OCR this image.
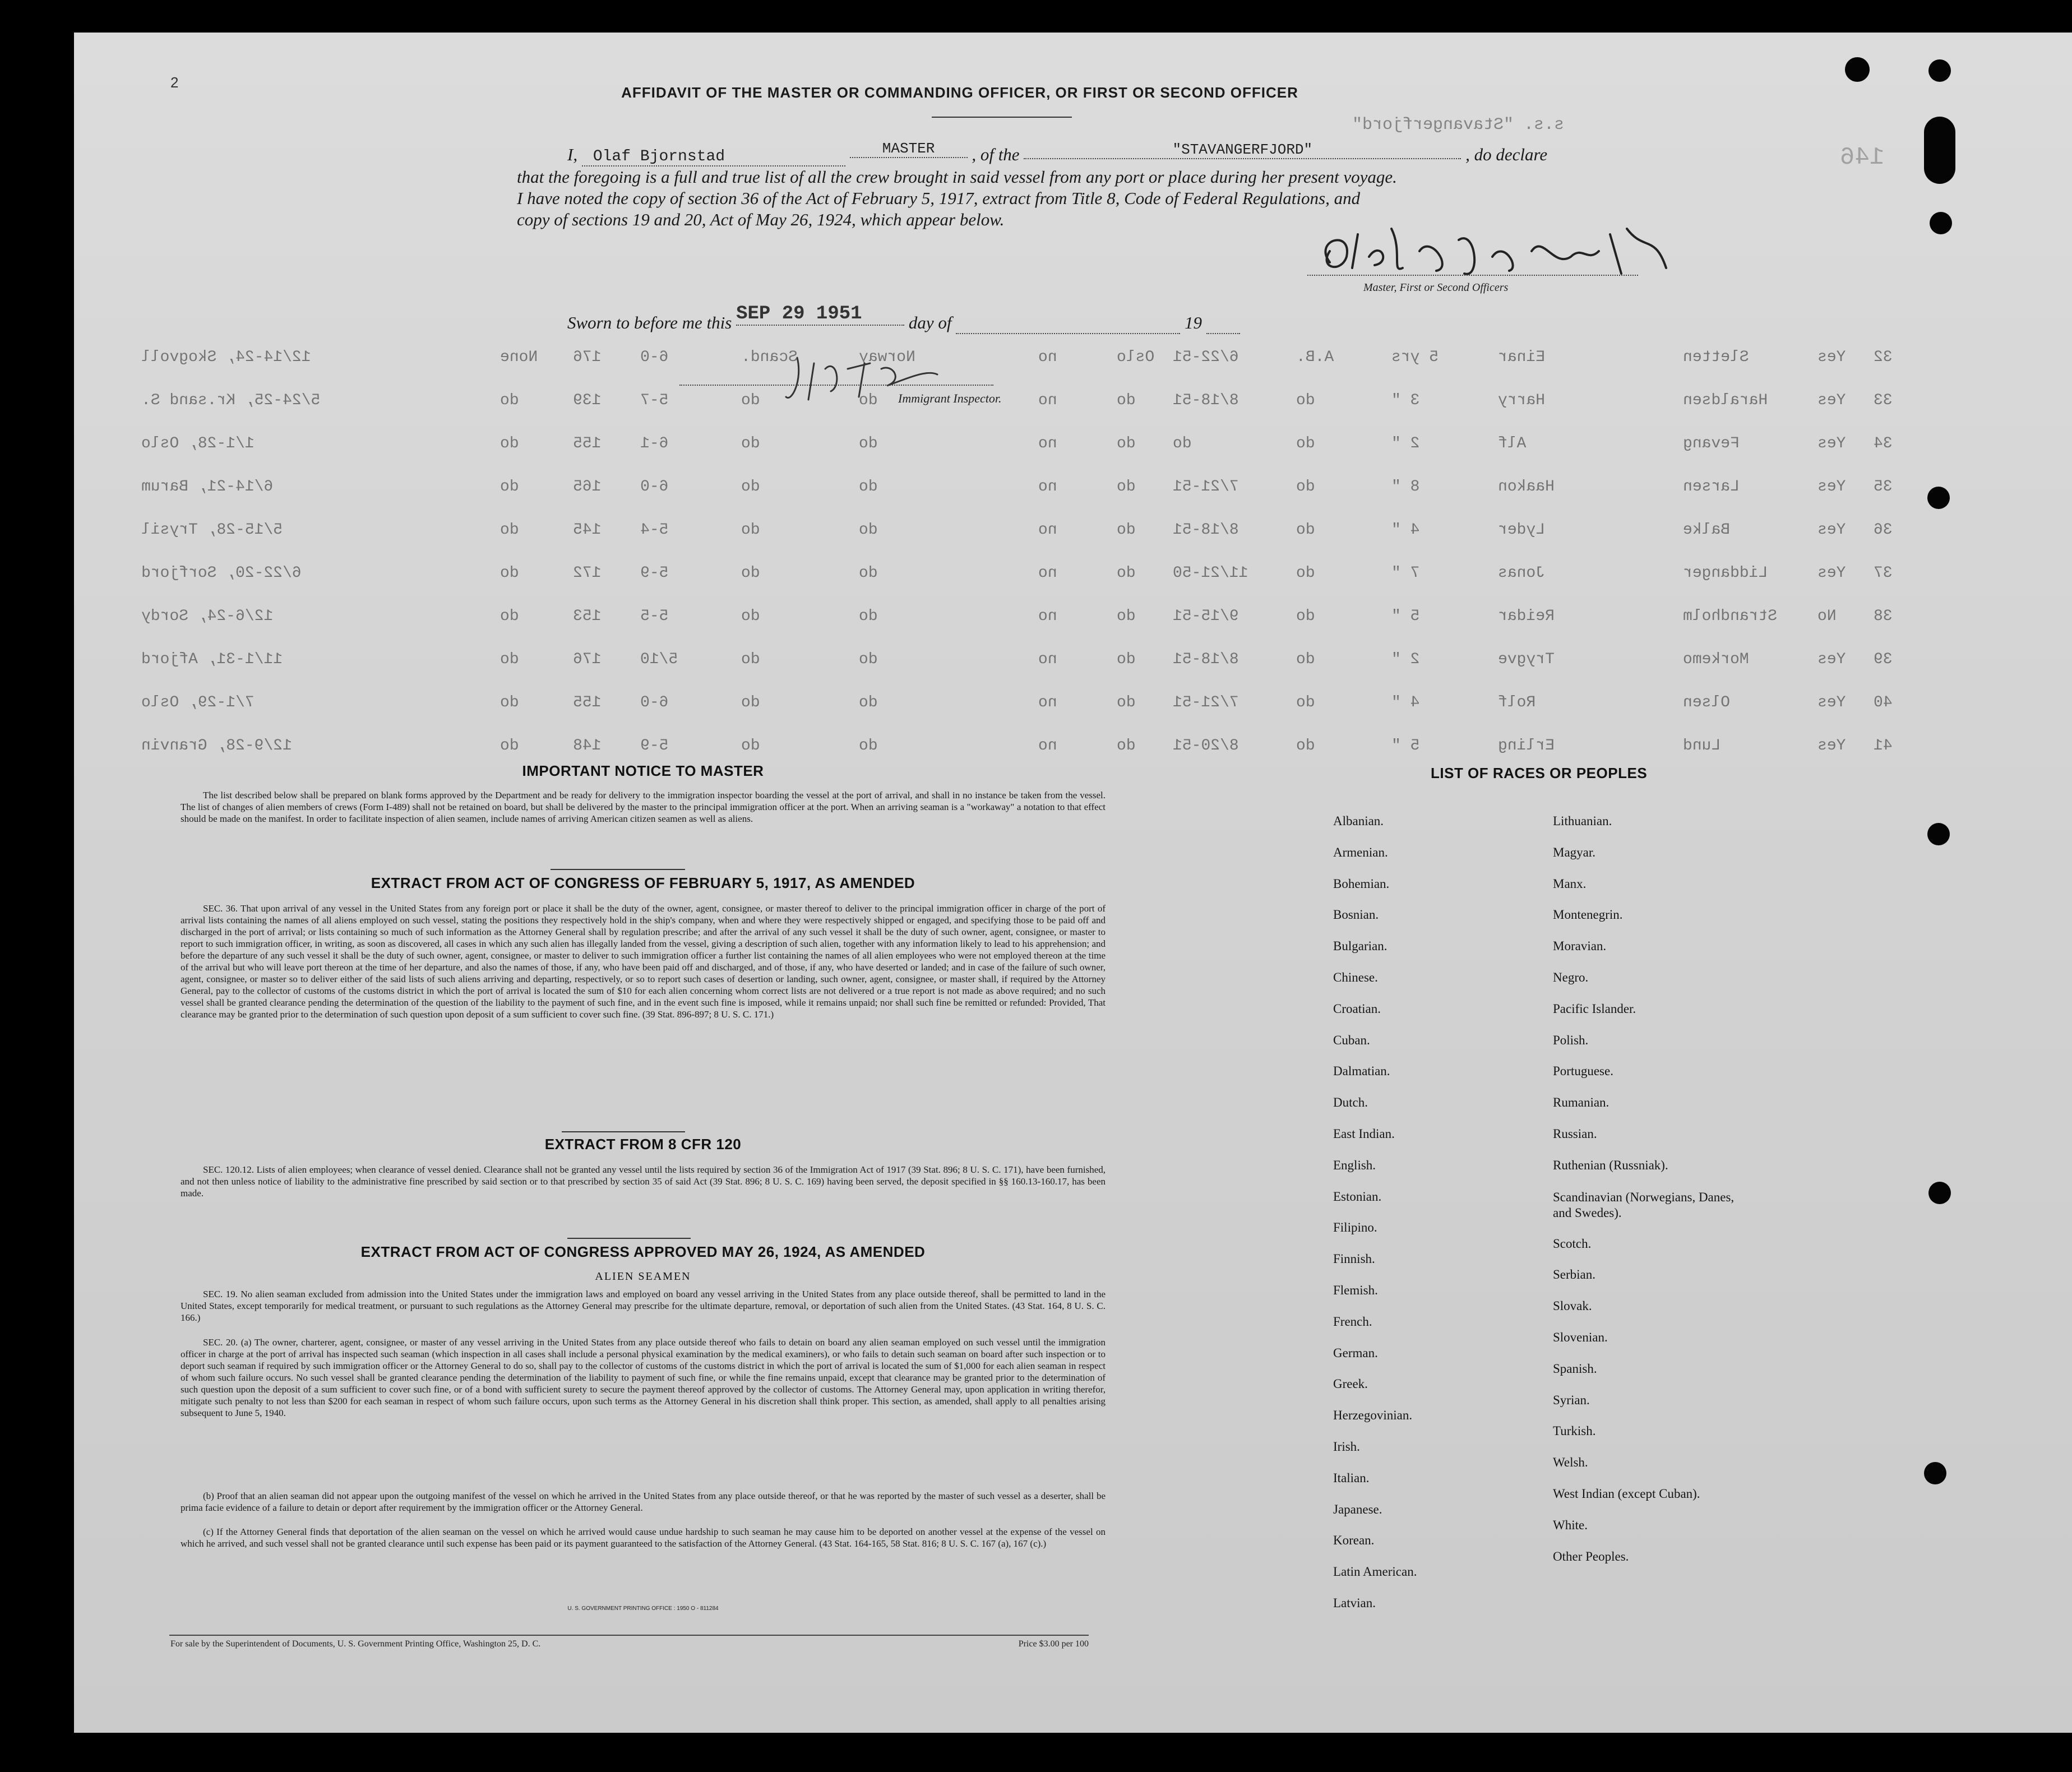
146
s.s. "Stavangerfjord"
12/14-24, Skogvoll	None 176 6-0	Scand.	Norway	no	Oslo 6/22-51	A.B.	5 yrs	Einar	Sletten	Yes 32
5/24-25, Kr.sand S.	do	139 5-7	do	do	no	do 8/18-51	do	3 "	Harry	Haraldsen	Yes 33
1/1-28, Oslo	do	155 6-1	do	do	no	do do	do	2 "	Alf	Fevang	Yes 34
6/14-21, Barum	do	165 6-0	do	do	no	do 7/21-51	do	8 "	Haakon	Larsen	Yes 35
5/15-28, Trysil	do	145 5-4	do	do	no	do 8/18-51	do	4 "	Lyder	Balke	Yes 36
6/22-20, Sorfjord	do	172 5-9	do	do	no	do 11/21-50	do	7 "	Jonas	Liddanger	Yes 37
12/6-24, Sordy	do	153 5-5	do	do	no	do 9/15-51	do	5 "	Reidar	Strandholm	No 38
11/1-31, Afjord	do	176 5/10	do	do	no	do 8/18-51	do	2 "	Trygve	Morkemo	Yes 39
7/1-29, Oslo	do	155 6-0	do	do	no	do 7/21-51	do	4 "	Rolf	Olsen	Yes 40
12/9-28, Granvin	do	148 5-9	do	do	no	do 8/20-51	do	5 "	Erling	Lund	Yes 41
2
AFFIDAVIT OF THE MASTER OR COMMANDING OFFICER, OR FIRST OR SECOND OFFICER
I, Olaf Bjornstad	MASTER , of the	"STAVANGERFJORD"	, do declare
that the foregoing is a full and true list of all the crew brought in said vessel from any port or place during her present voyage.
I have noted the copy of section 36 of the Act of February 5, 1917, extract from Title 8, Code of Federal Regulations, and
copy of sections 19 and 20, Act of May 26, 1924, which appear below.
Master, First or Second Officers
Sworn to before me this SEP 29 1951	day of	19
Immigrant Inspector.
IMPORTANT NOTICE TO MASTER
The list described below shall be prepared on blank forms approved by the Department and be ready for delivery to the immigration inspector boarding the vessel at the port of arrival, and shall in no instance be taken from the vessel. The list of changes of alien members of crews (Form I-489) shall not be retained on board, but shall be delivered by the master to the principal immigration officer at the port. When an arriving seaman is a "workaway" a notation to that effect should be made on the manifest. In order to facilitate inspection of alien seamen, include names of arriving American citizen seamen as well as aliens.
EXTRACT FROM ACT OF CONGRESS OF FEBRUARY 5, 1917, AS AMENDED
SEC. 36. That upon arrival of any vessel in the United States from any foreign port or place it shall be the duty of the owner, agent, consignee, or master thereof to deliver to the principal immigration officer in charge of the port of arrival lists containing the names of all aliens employed on such vessel, stating the positions they respectively hold in the ship's company, when and where they were respectively shipped or engaged, and specifying those to be paid off and discharged in the port of arrival; or lists containing so much of such information as the Attorney General shall by regulation prescribe; and after the arrival of any such vessel it shall be the duty of such owner, agent, consignee, or master to report to such immigration officer, in writing, as soon as discovered, all cases in which any such alien has illegally landed from the vessel, giving a description of such alien, together with any information likely to lead to his apprehension; and before the departure of any such vessel it shall be the duty of such owner, agent, consignee, or master to deliver to such immigration officer a further list containing the names of all alien employees who were not employed thereon at the time of the arrival but who will leave port thereon at the time of her departure, and also the names of those, if any, who have been paid off and discharged, and of those, if any, who have deserted or landed; and in case of the failure of such owner, agent, consignee, or master so to deliver either of the said lists of such aliens arriving and departing, respectively, or so to report such cases of desertion or landing, such owner, agent, consignee, or master shall, if required by the Attorney General, pay to the collector of customs of the customs district in which the port of arrival is located the sum of $10 for each alien concerning whom correct lists are not delivered or a true report is not made as above required; and no such vessel shall be granted clearance pending the determination of the question of the liability to the payment of such fine, and in the event such fine is imposed, while it remains unpaid; nor shall such fine be remitted or refunded: Provided, That clearance may be granted prior to the determination of such question upon deposit of a sum sufficient to cover such fine. (39 Stat. 896-897; 8 U. S. C. 171.)
EXTRACT FROM 8 CFR 120
SEC. 120.12. Lists of alien employees; when clearance of vessel denied. Clearance shall not be granted any vessel until the lists required by section 36 of the Immigration Act of 1917 (39 Stat. 896; 8 U. S. C. 171), have been furnished, and not then unless notice of liability to the administrative fine prescribed by said section or to that prescribed by section 35 of said Act (39 Stat. 896; 8 U. S. C. 169) having been served, the deposit specified in §§ 160.13-160.17, has been made.
EXTRACT FROM ACT OF CONGRESS APPROVED MAY 26, 1924, AS AMENDED
ALIEN SEAMEN
SEC. 19. No alien seaman excluded from admission into the United States under the immigration laws and employed on board any vessel arriving in the United States from any place outside thereof, shall be permitted to land in the United States, except temporarily for medical treatment, or pursuant to such regulations as the Attorney General may prescribe for the ultimate departure, removal, or deportation of such alien from the United States. (43 Stat. 164, 8 U. S. C. 166.)
SEC. 20. (a) The owner, charterer, agent, consignee, or master of any vessel arriving in the United States from any place outside thereof who fails to detain on board any alien seaman employed on such vessel until the immigration officer in charge at the port of arrival has inspected such seaman (which inspection in all cases shall include a personal physical examination by the medical examiners), or who fails to detain such seaman on board after such inspection or to deport such seaman if required by such immigration officer or the Attorney General to do so, shall pay to the collector of customs of the customs district in which the port of arrival is located the sum of $1,000 for each alien seaman in respect of whom such failure occurs. No such vessel shall be granted clearance pending the determination of the liability to payment of such fine, or while the fine remains unpaid, except that clearance may be granted prior to the determination of such question upon the deposit of a sum sufficient to cover such fine, or of a bond with sufficient surety to secure the payment thereof approved by the collector of customs. The Attorney General may, upon application in writing therefor, mitigate such penalty to not less than $200 for each seaman in respect of whom such failure occurs, upon such terms as the Attorney General in his discretion shall think proper. This section, as amended, shall apply to all penalties arising subsequent to June 5, 1940.
(b) Proof that an alien seaman did not appear upon the outgoing manifest of the vessel on which he arrived in the United States from any place outside thereof, or that he was reported by the master of such vessel as a deserter, shall be prima facie evidence of a failure to detain or deport after requirement by the immigration officer or the Attorney General.
(c) If the Attorney General finds that deportation of the alien seaman on the vessel on which he arrived would cause undue hardship to such seaman he may cause him to be deported on another vessel at the expense of the vessel on which he arrived, and such vessel shall not be granted clearance until such expense has been paid or its payment guaranteed to the satisfaction of the Attorney General. (43 Stat. 164-165, 58 Stat. 816; 8 U. S. C. 167 (a), 167 (c).)
U. S. GOVERNMENT PRINTING OFFICE : 1950 O - 811284
For sale by the Superintendent of Documents, U. S. Government Printing Office, Washington 25, D. C.	Price $3.00 per 100
LIST OF RACES OR PEOPLES
Albanian.
Armenian.
Bohemian.
Bosnian.
Bulgarian.
Chinese.
Croatian.
Cuban.
Dalmatian.
Dutch.
East Indian.
English.
Estonian.
Filipino.
Finnish.
Flemish.
French.
German.
Greek.
Herzegovinian.
Irish.
Italian.
Japanese.
Korean.
Latin American.
Latvian.
Lithuanian.
Magyar.
Manx.
Montenegrin.
Moravian.
Negro.
Pacific Islander.
Polish.
Portuguese.
Rumanian.
Russian.
Ruthenian (Russniak).
Scandinavian (Norwegians, Danes, and Swedes).
Scotch.
Serbian.
Slovak.
Slovenian.
Spanish.
Syrian.
Turkish.
Welsh.
West Indian (except Cuban).
White.
Other Peoples.
